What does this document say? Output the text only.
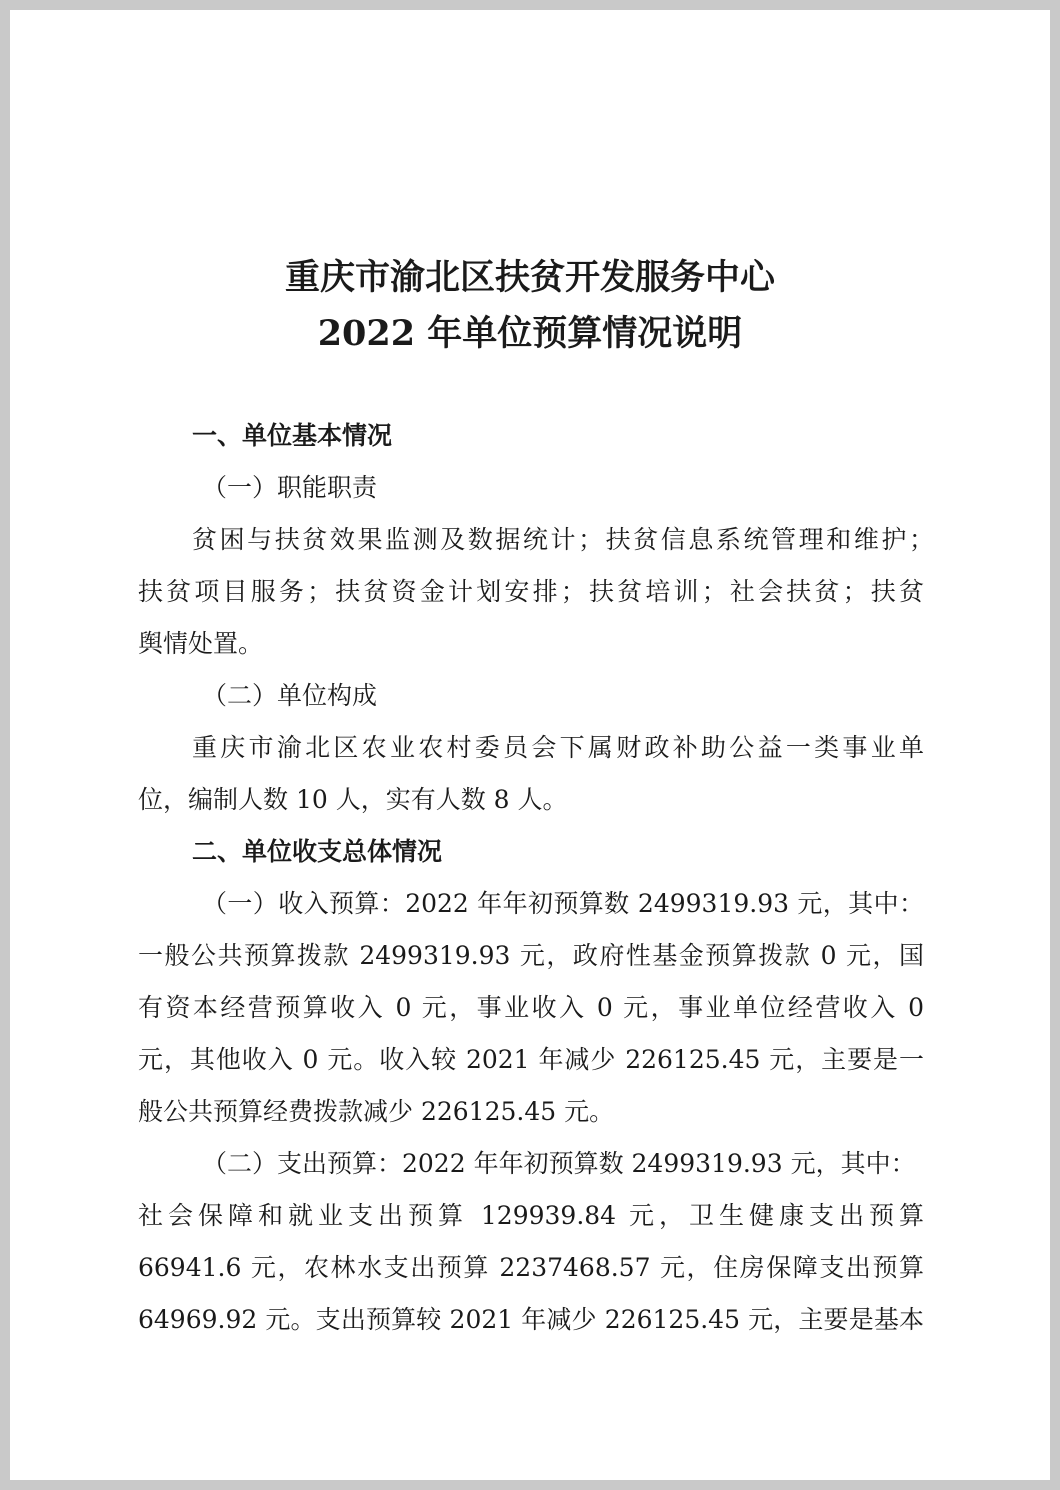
重庆市渝北区扶贫开发服务中心
2022 年单位预算情况说明

一、单位基本情况

（一）职能职责

贫困与扶贫效果监测及数据统计；扶贫信息系统管理和维护；

扶贫项目服务；扶贫资金计划安排；扶贫培训；社会扶贫；扶贫

舆情处置。

（二）单位构成

重庆市渝北区农业农村委员会下属财政补助公益一类事业单

位，编制人数 10 人，实有人数 8 人。

二、单位收支总体情况

（一）收入预算：2022 年年初预算数 2499319.93 元，其中：

一般公共预算拨款 2499319.93 元，政府性基金预算拨款 0 元，国

有资本经营预算收入 0 元，事业收入 0 元，事业单位经营收入 0

元，其他收入 0 元。收入较 2021 年减少 226125.45 元，主要是一

般公共预算经费拨款减少 226125.45 元。

（二）支出预算：2022 年年初预算数 2499319.93 元，其中：

社会保障和就业支出预算 129939.84 元，卫生健康支出预算

66941.6 元，农林水支出预算 2237468.57 元，住房保障支出预算

64969.92 元。支出预算较 2021 年减少 226125.45 元，主要是基本
